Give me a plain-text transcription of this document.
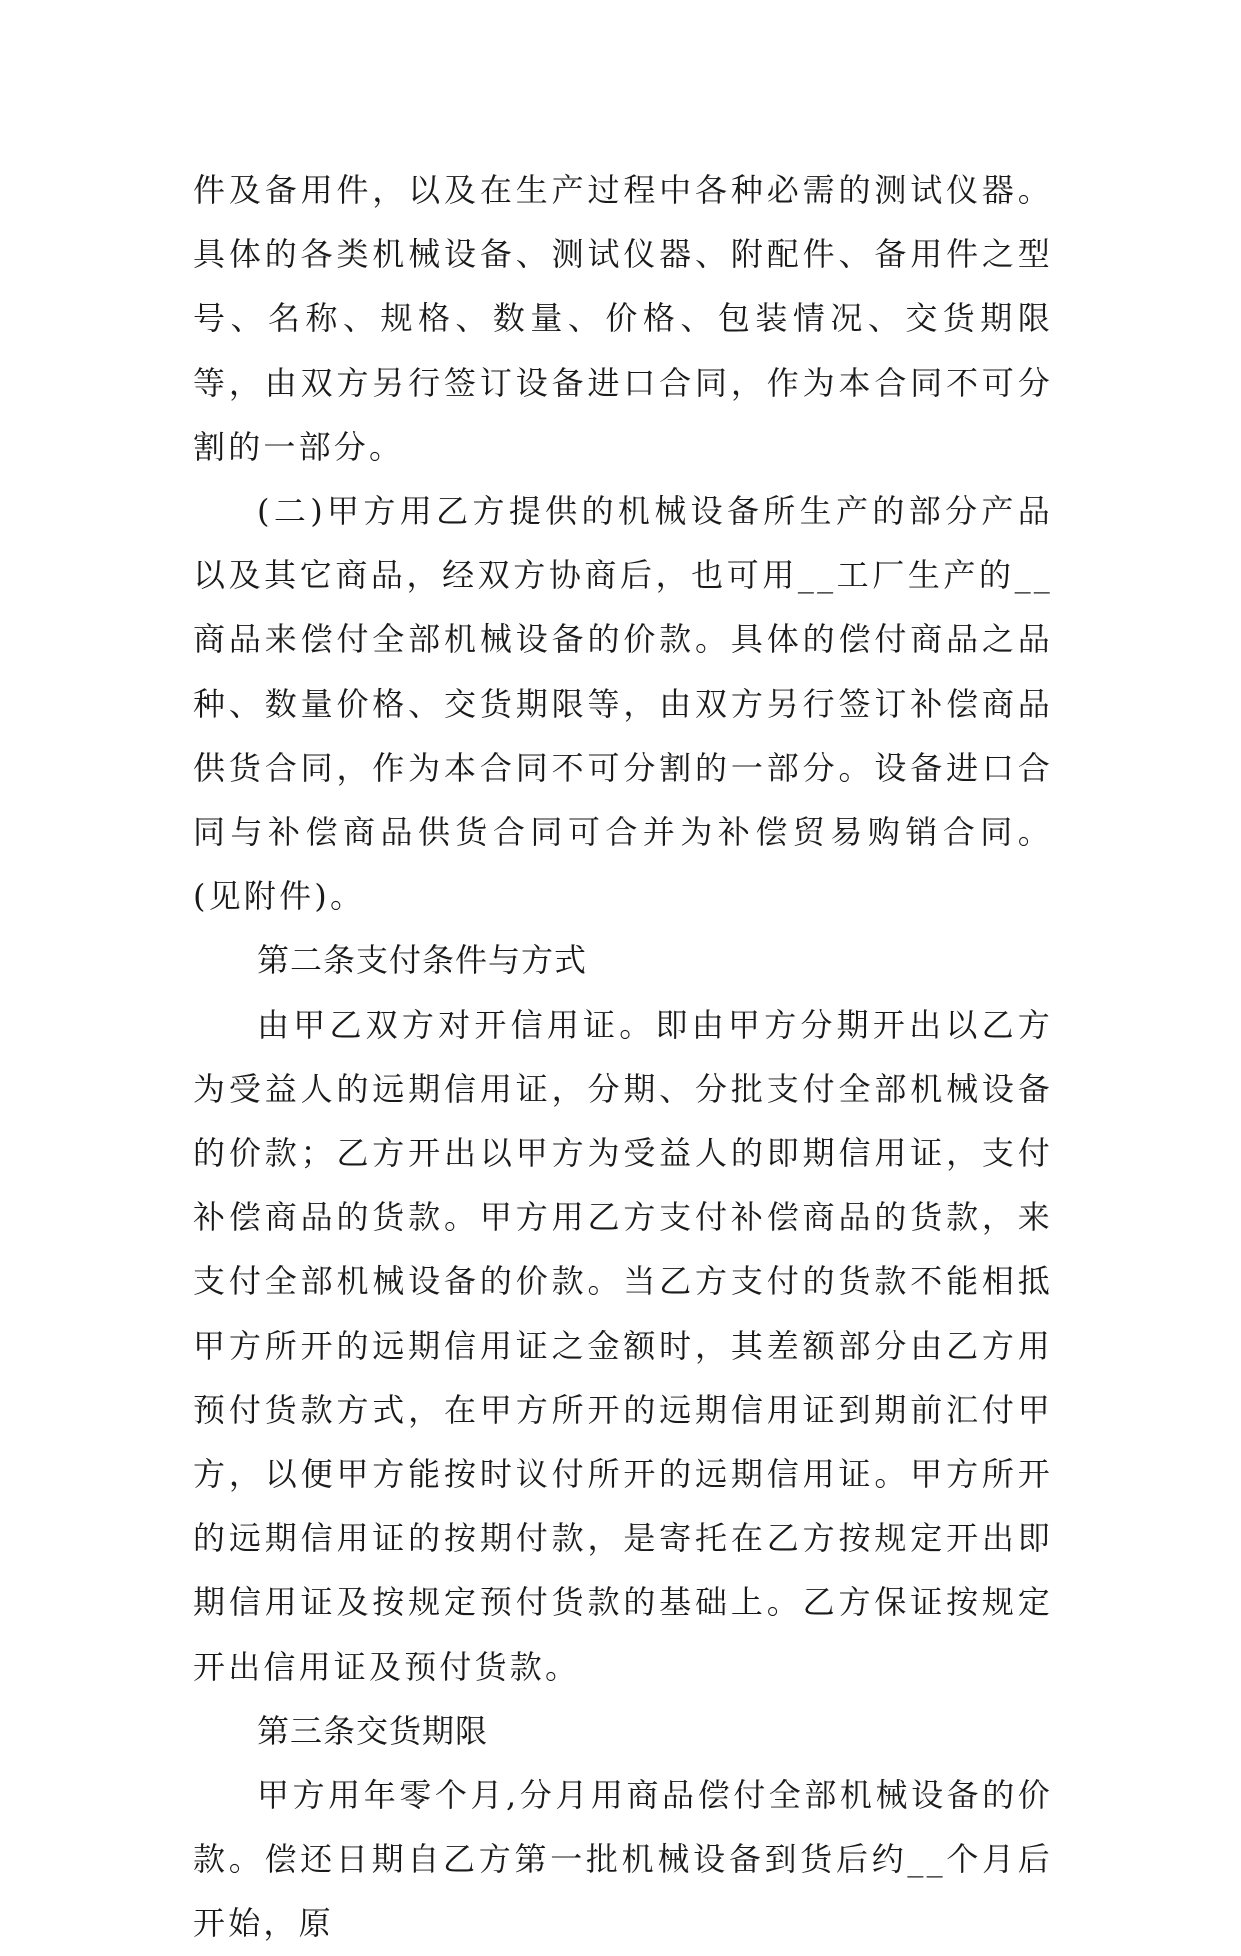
件及备用件，以及在生产过程中各种必需的测试仪器。具体的各类机械设备、测试仪器、附配件、备用件之型号、名称、规格、数量、价格、包装情况、交货期限等，由双方另行签订设备进口合同，作为本合同不可分割的一部分。

(二)甲方用乙方提供的机械设备所生产的部分产品以及其它商品，经双方协商后，也可用__工厂生产的__商品来偿付全部机械设备的价款。具体的偿付商品之品种、数量价格、交货期限等，由双方另行签订补偿商品供货合同，作为本合同不可分割的一部分。设备进口合同与补偿商品供货合同可合并为补偿贸易购销合同。(见附件)。

第二条支付条件与方式

由甲乙双方对开信用证。即由甲方分期开出以乙方为受益人的远期信用证，分期、分批支付全部机械设备的价款；乙方开出以甲方为受益人的即期信用证，支付补偿商品的货款。甲方用乙方支付补偿商品的货款，来支付全部机械设备的价款。当乙方支付的货款不能相抵甲方所开的远期信用证之金额时，其差额部分由乙方用预付货款方式，在甲方所开的远期信用证到期前汇付甲方，以便甲方能按时议付所开的远期信用证。甲方所开的远期信用证的按期付款，是寄托在乙方按规定开出即期信用证及按规定预付货款的基础上。乙方保证按规定开出信用证及预付货款。

第三条交货期限

甲方用年零个月,分月用商品偿付全部机械设备的价款。偿还日期自乙方第一批机械设备到货后约__个月后开始，原
